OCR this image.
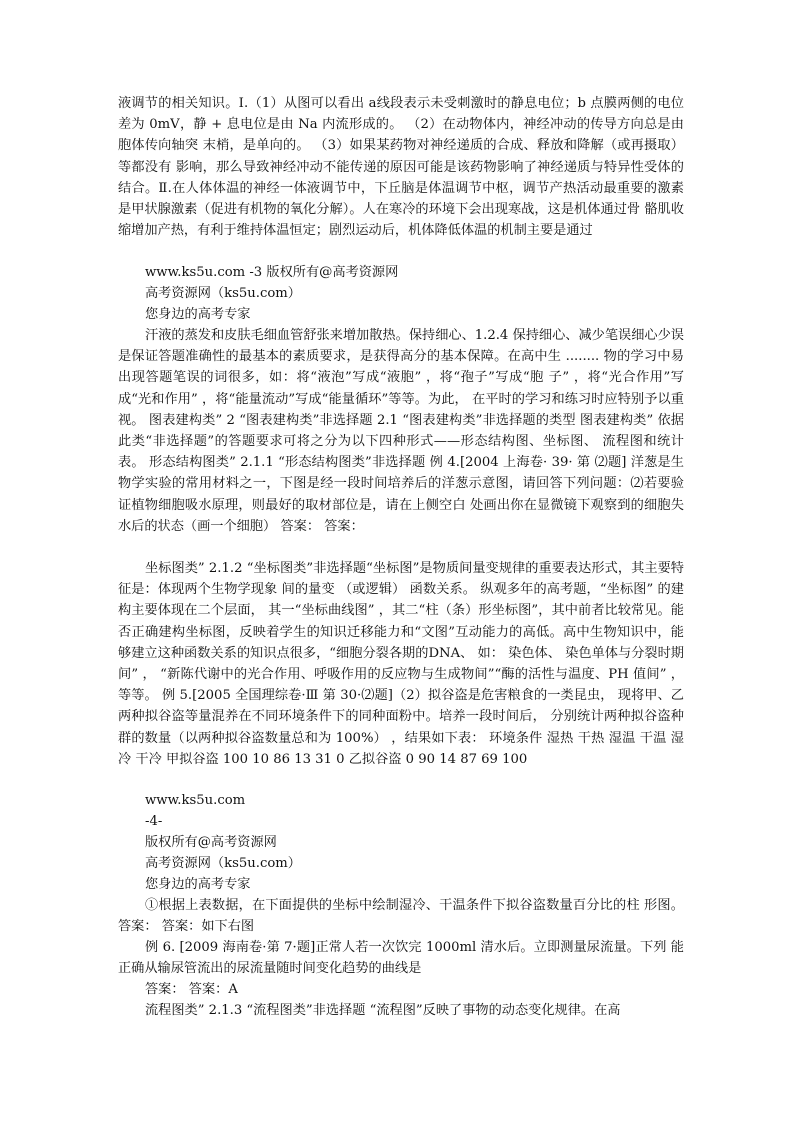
液调节的相关知识。Ⅰ.（1）从图可以看出 a线段表示未受刺激时的静息电位；b 点膜两侧的电位差为 0mV，静 + 息电位是由 Na 内流形成的。 （2）在动物体内，神经冲动的传导方向总是由胞体传向轴突 末梢，是单向的。 （3）如果某药物对神经递质的合成、释放和降解（或再摄取）等都没有 影响，那么导致神经冲动不能传递的原因可能是该药物影响了神经递质与特异性受体的结合。Ⅱ.在人体体温的神经一体液调节中，下丘脑是体温调节中枢，调节产热活动最重要的激素是甲状腺激素（促进有机物的氧化分解）。人在寒冷的环境下会出现寒战，这是机体通过骨 骼肌收缩增加产热，有利于维持体温恒定；剧烈运动后，机体降低体温的机制主要是通过

www.ks5u.com -3 版权所有@高考资源网
高考资源网（ks5u.com）
您身边的高考专家

汗液的蒸发和皮肤毛细血管舒张来增加散热。保持细心、1.2.4 保持细心、减少笔误细心少误是保证答题准确性的最基本的素质要求，是获得高分的基本保障。在高中生 ........ 物的学习中易出现答题笔误的词很多，如：将“液泡”写成“液胞” ，将“孢子”写成“胞 子” ，将“光合作用”写成“光和作用” ，将“能量流动”写成“能量循环”等等。为此， 在平时的学习和练习时应特别予以重视。 图表建构类” 2 “图表建构类”非选择题 2.1 “图表建构类”非选择题的类型 图表建构类” 依据此类“非选择题”的答题要求可将之分为以下四种形式——形态结构图、坐标图、 流程图和统计表。 形态结构图类” 2.1.1 “形态结构图类”非选择题 例 4.[2004 上海卷· 39· 第 ⑵题] 洋葱是生物学实验的常用材料之一，下图是经一段时间培养后的洋葱示意图，请回答下列问题：⑵若要验证植物细胞吸水原理，则最好的取材部位是，请在上侧空白 处画出你在显微镜下观察到的细胞失水后的状态（画一个细胞） 答案： 答案：

坐标图类” 2.1.2 “坐标图类”非选择题“坐标图”是物质间量变规律的重要表达形式，其主要特征是：体现两个生物学现象 间的量变 （或逻辑） 函数关系。 纵观多年的高考题，“坐标图” 的建构主要体现在二个层面， 其一“坐标曲线图” ，其二“柱（条）形坐标图”，其中前者比较常见。能否正确建构坐标图，反映着学生的知识迁移能力和“文图”互动能力的高低。高中生物知识中，能够建立这种函数关系的知识点很多，“细胞分裂各期的DNA、 如： 染色体、 染色单体与分裂时期间” ， “新陈代谢中的光合作用、呼吸作用的反应物与生成物间”“酶的活性与温度、PH 值间” ， 等等。 例 5.[2005 全国理综卷·Ⅲ 第 30·⑵题]（2）拟谷盗是危害粮食的一类昆虫， 现将甲、乙两种拟谷盗等量混养在不同环境条件下的同种面粉中。培养一段时间后， 分别统计两种拟谷盗种群的数量（以两种拟谷盗数量总和为 100%） ，结果如下表： 环境条件 湿热 干热 湿温 干温 湿冷 干冷 甲拟谷盗 100 10 86 13 31 0 乙拟谷盗 0 90 14 87 69 100

www.ks5u.com
-4-
版权所有@高考资源网
高考资源网（ks5u.com）
您身边的高考专家

①根据上表数据，在下面提供的坐标中绘制湿冷、干温条件下拟谷盗数量百分比的柱 形图。 答案： 答案：如下右图

例 6. [2009 海南卷·第 7·题]正常人若一次饮完 1000ml 清水后。立即测量尿流量。下列 能正确从输尿管流出的尿流量随时间变化趋势的曲线是

答案： 答案：A

流程图类” 2.1.3 “流程图类”非选择题 “流程图”反映了事物的动态变化规律。在高
